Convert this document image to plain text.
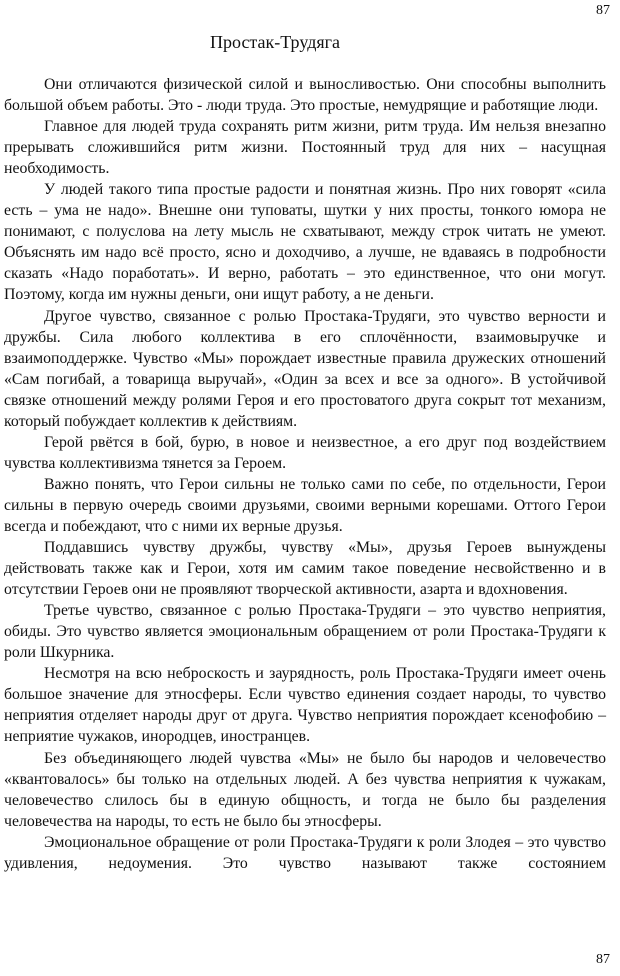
87
Простак-Трудяга

Они отличаются физической силой и выносливостью. Они способны выполнить большой объем работы. Это - люди труда. Это простые, немудрящие и работящие люди.

Главное для людей труда сохранять ритм жизни, ритм труда. Им нельзя внезапно прерывать сложившийся ритм жизни. Постоянный труд для них – насущная необходимость.

У людей такого типа простые радости и понятная жизнь. Про них говорят «сила есть – ума не надо». Внешне они туповаты, шутки у них просты, тонкого юмора не понимают, с полуслова на лету мысль не схватывают, между строк читать не умеют. Объяснять им надо всё просто, ясно и доходчиво, а лучше, не вдаваясь в подробности сказать «Надо поработать». И верно, работать – это единственное, что они могут. Поэтому, когда им нужны деньги, они ищут работу, а не деньги.

Другое чувство, связанное с ролью Простака-Трудяги, это чувство верности и дружбы. Сила любого коллектива в его сплочённости, взаимовыручке и взаимоподдержке. Чувство «Мы» порождает известные правила дружеских отношений «Сам погибай, а товарища выручай», «Один за всех и все за одного». В устойчивой связке отношений между ролями Героя и его простоватого друга сокрыт тот механизм, который побуждает коллектив к действиям.

Герой рвётся в бой, бурю, в новое и неизвестное, а его друг под воздействием чувства коллективизма тянется за Героем.

Важно понять, что Герои сильны не только сами по себе, по отдельности, Герои сильны в первую очередь своими друзьями, своими верными корешами. Оттого Герои всегда и побеждают, что с ними их верные друзья.

Поддавшись чувству дружбы, чувству «Мы», друзья Героев вынуждены действовать также как и Герои, хотя им самим такое поведение несвойственно и в отсутствии Героев они не проявляют творческой активности, азарта и вдохновения.

Третье чувство, связанное с ролью Простака-Трудяги – это чувство неприятия, обиды. Это чувство является эмоциональным обращением от роли Простака-Трудяги к роли Шкурника.

Несмотря на всю неброскость и заурядность, роль Простака-Трудяги имеет очень большое значение для этносферы. Если чувство единения создает народы, то чувство неприятия отделяет народы друг от друга. Чувство неприятия порождает ксенофобию – неприятие чужаков, инородцев, иностранцев.

Без объединяющего людей чувства «Мы» не было бы народов и человечество «квантовалось» бы только на отдельных людей. А без чувства неприятия к чужакам, человечество слилось бы в единую общность, и тогда не было бы разделения человечества на народы, то есть не было бы этносферы.

Эмоциональное обращение от роли Простака-Трудяги к роли Злодея – это чувство удивления, недоумения. Это чувство называют также состоянием

87
